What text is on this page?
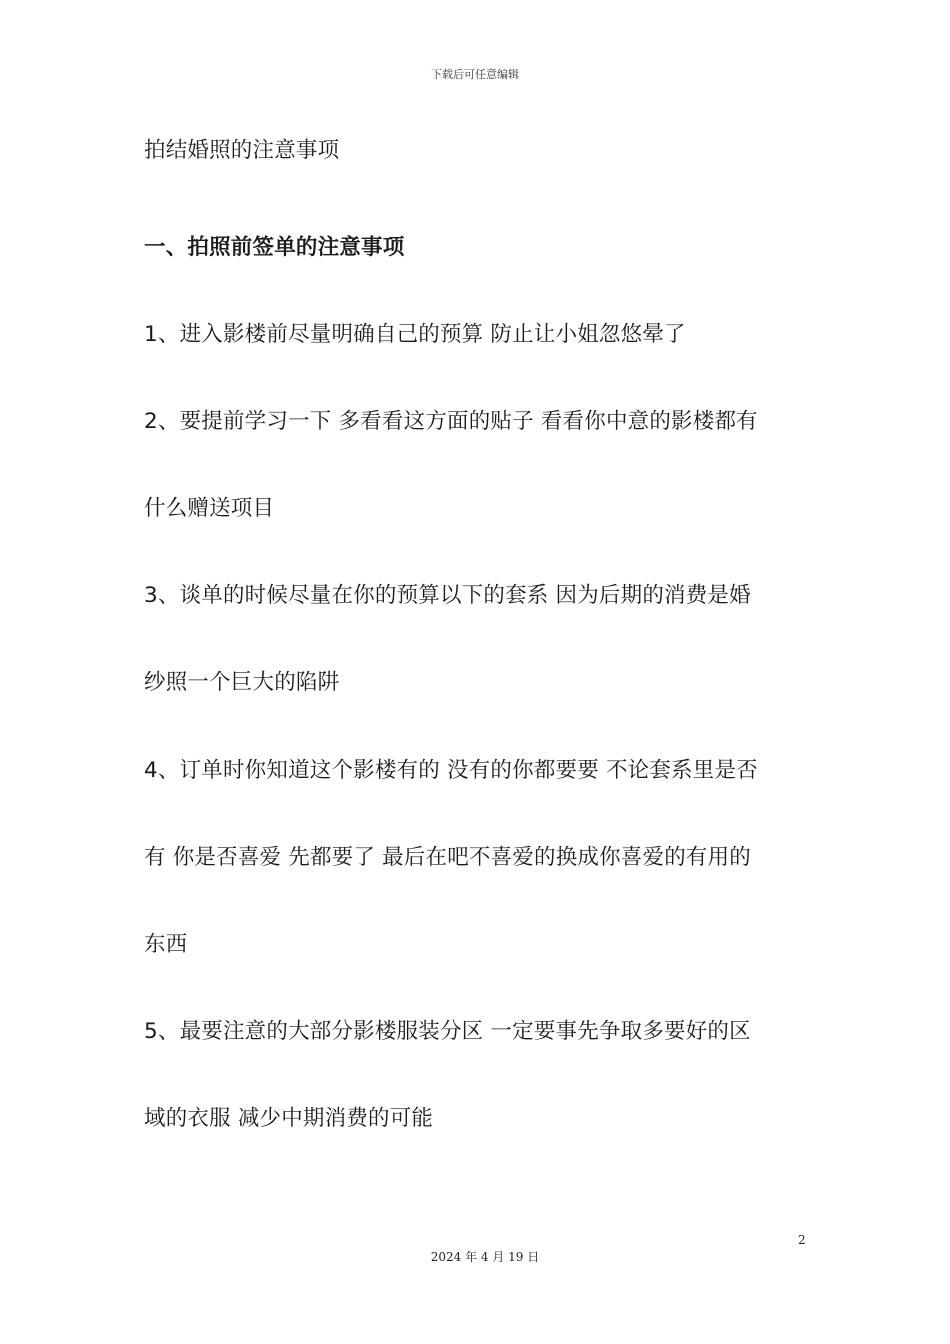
下载后可任意编辑
拍结婚照的注意事项
一、拍照前签单的注意事项
1、进入影楼前尽量明确自己的预算 防止让小姐忽悠晕了
2、要提前学习一下 多看看这方面的贴子 看看你中意的影楼都有
什么赠送项目
3、谈单的时候尽量在你的预算以下的套系 因为后期的消费是婚
纱照一个巨大的陷阱
4、订单时你知道这个影楼有的 没有的你都要要 不论套系里是否
有 你是否喜爱 先都要了 最后在吧不喜爱的换成你喜爱的有用的
东西
5、最要注意的大部分影楼服装分区 一定要事先争取多要好的区
域的衣服 减少中期消费的可能
2
2024 年 4 月 19 日
